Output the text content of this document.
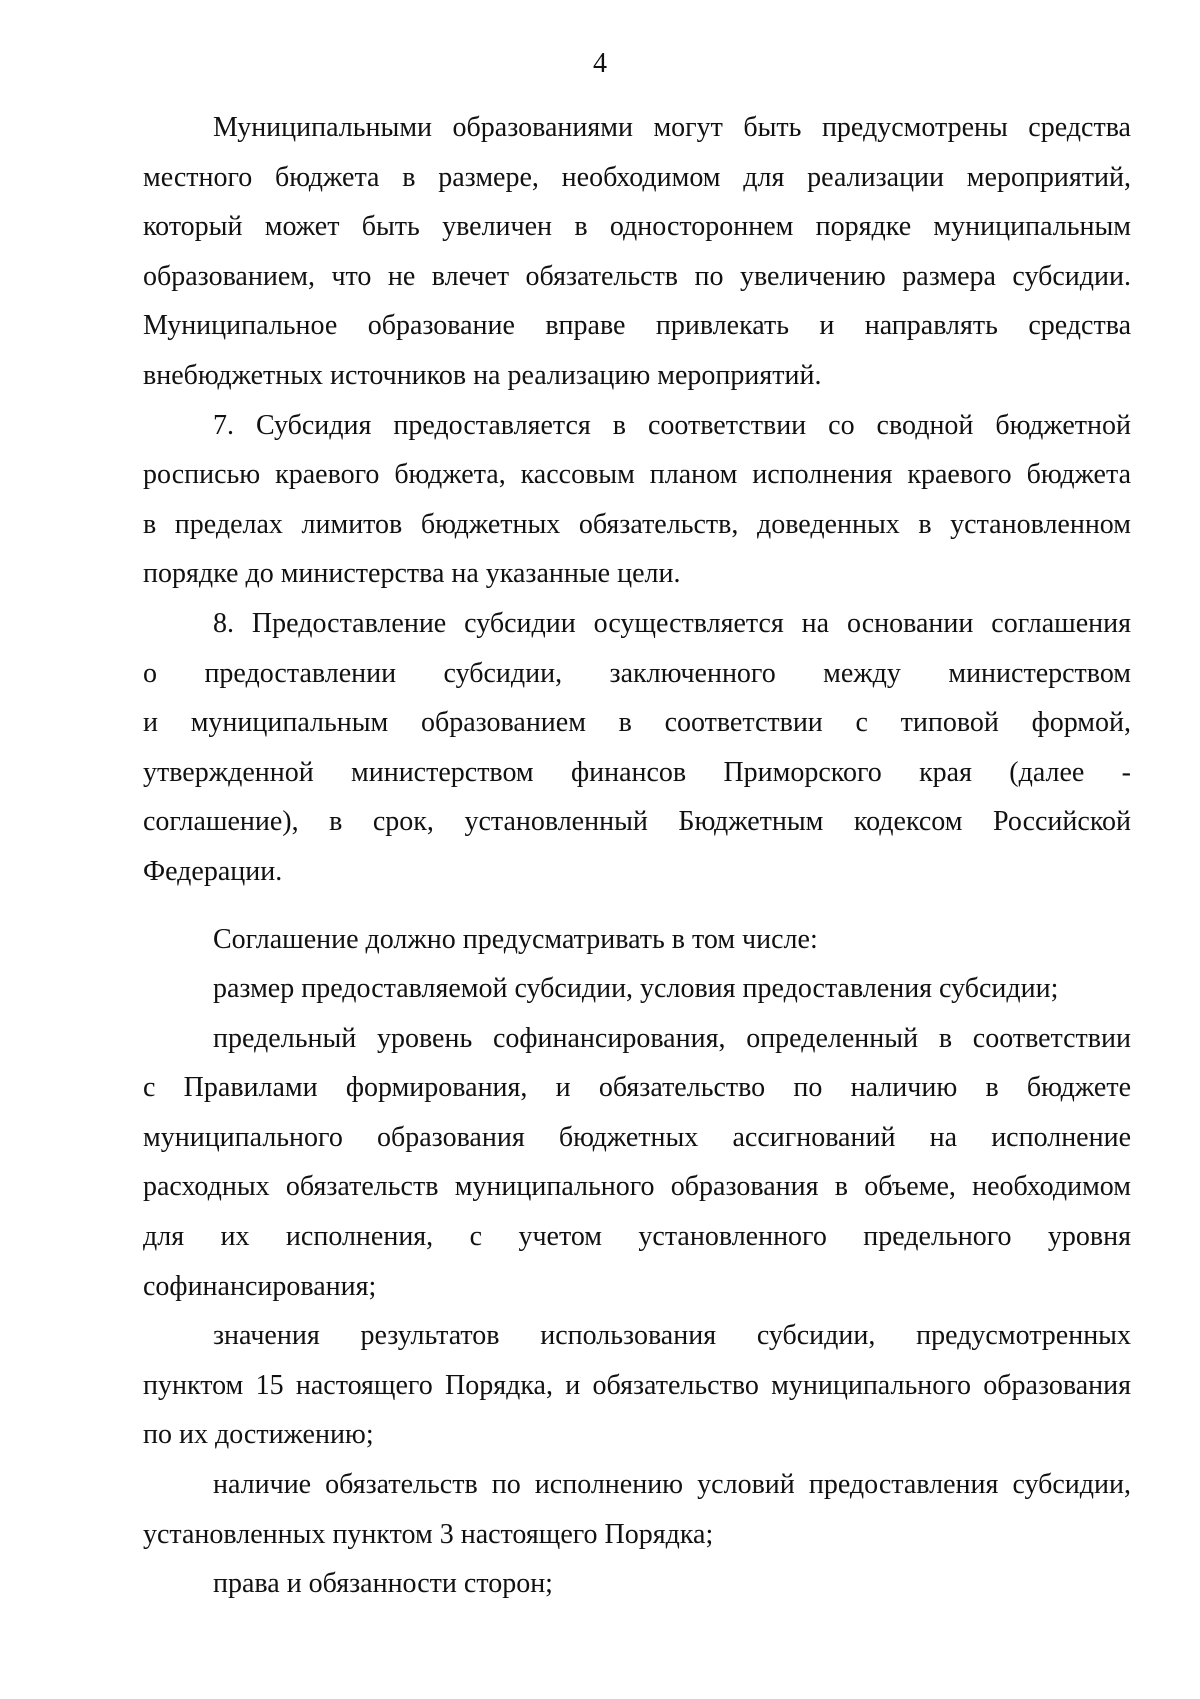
4
Муниципальными образованиями могут быть предусмотрены средства
местного бюджета в размере, необходимом для реализации мероприятий,
который может быть увеличен в одностороннем порядке муниципальным
образованием, что не влечет обязательств по увеличению размера субсидии.
Муниципальное образование вправе привлекать и направлять средства
внебюджетных источников на реализацию мероприятий.
7. Субсидия предоставляется в соответствии со сводной бюджетной
росписью краевого бюджета, кассовым планом исполнения краевого бюджета
в пределах лимитов бюджетных обязательств, доведенных в установленном
порядке до министерства на указанные цели.
8. Предоставление субсидии осуществляется на основании соглашения
о предоставлении субсидии, заключенного между министерством
и муниципальным образованием в соответствии с типовой формой,
утвержденной министерством финансов Приморского края (далее -
соглашение), в срок, установленный Бюджетным кодексом Российской
Федерации.
Соглашение должно предусматривать в том числе:
размер предоставляемой субсидии, условия предоставления субсидии;
предельный уровень софинансирования, определенный в соответствии
с Правилами формирования, и обязательство по наличию в бюджете
муниципального образования бюджетных ассигнований на исполнение
расходных обязательств муниципального образования в объеме, необходимом
для их исполнения, с учетом установленного предельного уровня
софинансирования;
значения результатов использования субсидии, предусмотренных
пунктом 15 настоящего Порядка, и обязательство муниципального образования
по их достижению;
наличие обязательств по исполнению условий предоставления субсидии,
установленных пунктом 3 настоящего Порядка;
права и обязанности сторон;
